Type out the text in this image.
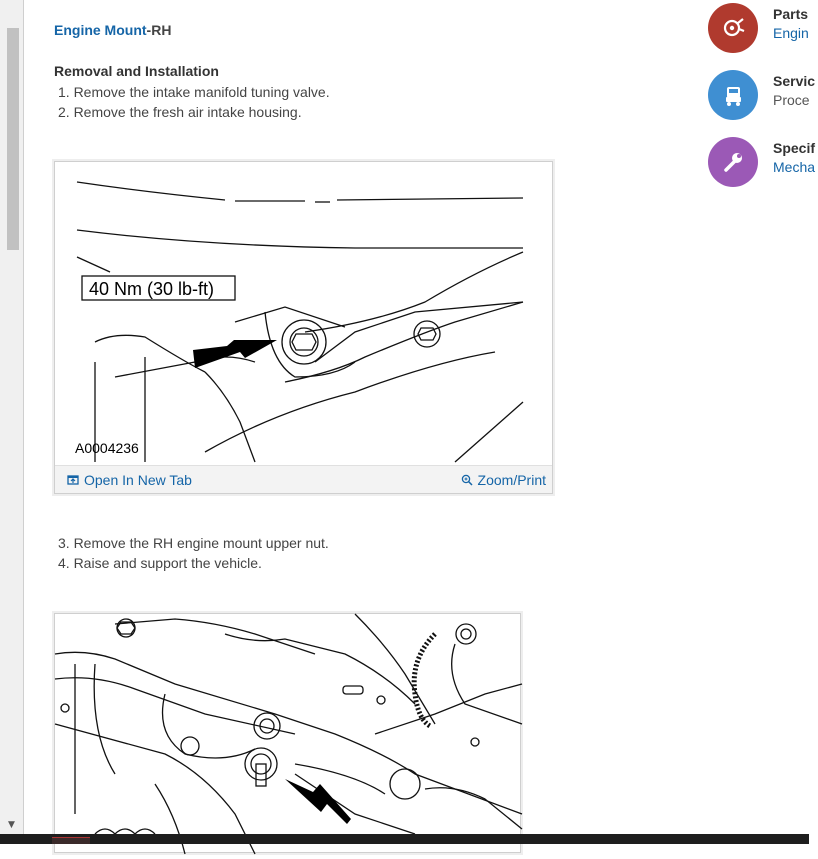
▼
Engine Mount-RH
Removal and Installation
1. Remove the intake manifold tuning valve.
2. Remove the fresh air intake housing.
40 Nm (30 lb-ft)
A0004236
Open In New Tab	Zoom/Print
3. Remove the RH engine mount upper nut.
4. Raise and support the vehicle.
Parts
Engin
Servic
Proce
Specif
Mecha
